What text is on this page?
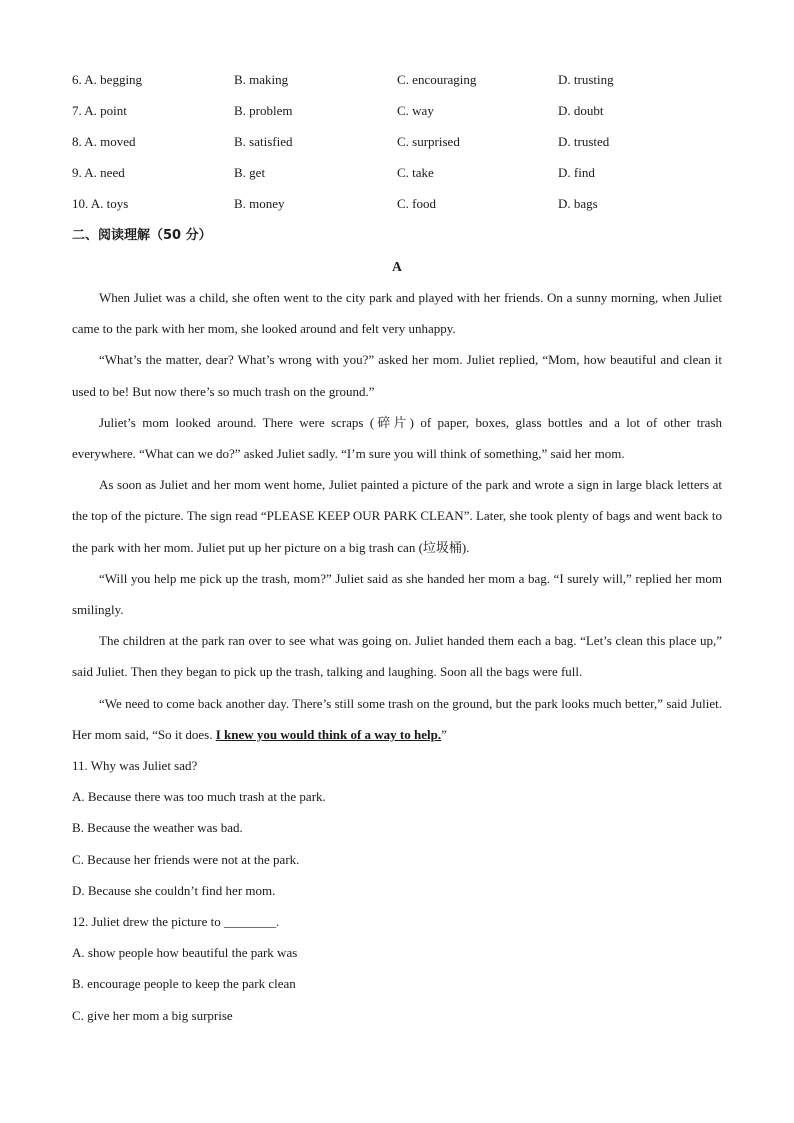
6. A. begging	B. making	C. encouraging	D. trusting
7. A. point	B. problem	C. way	D. doubt
8. A. moved	B. satisfied	C. surprised	D. trusted
9. A. need	B. get	C. take	D. find
10. A. toys	B. money	C. food	D. bags
二、阅读理解（50 分）
A

When Juliet was a child, she often went to the city park and played with her friends. On a sunny morning, when Juliet came to the park with her mom, she looked around and felt very unhappy.

“What’s the matter, dear? What’s wrong with you?” asked her mom. Juliet replied, “Mom, how beautiful and clean it used to be! But now there’s so much trash on the ground.”

Juliet’s mom looked around. There were scraps (碎片) of paper, boxes, glass bottles and a lot of other trash everywhere. “What can we do?” asked Juliet sadly. “I’m sure you will think of something,” said her mom.

As soon as Juliet and her mom went home, Juliet painted a picture of the park and wrote a sign in large black letters at the top of the picture. The sign read “PLEASE KEEP OUR PARK CLEAN”. Later, she took plenty of bags and went back to the park with her mom. Juliet put up her picture on a big trash can (垃圾桶).

“Will you help me pick up the trash, mom?” Juliet said as she handed her mom a bag. “I surely will,” replied her mom smilingly.

The children at the park ran over to see what was going on. Juliet handed them each a bag. “Let’s clean this place up,” said Juliet. Then they began to pick up the trash, talking and laughing. Soon all the bags were full.

“We need to come back another day. There’s still some trash on the ground, but the park looks much better,” said Juliet. Her mom said, “So it does. I knew you would think of a way to help.”

11. Why was Juliet sad?

A. Because there was too much trash at the park.

B. Because the weather was bad.

C. Because her friends were not at the park.

D. Because she couldn’t find her mom.

12. Juliet drew the picture to ________.

A. show people how beautiful the park was

B. encourage people to keep the park clean

C. give her mom a big surprise
